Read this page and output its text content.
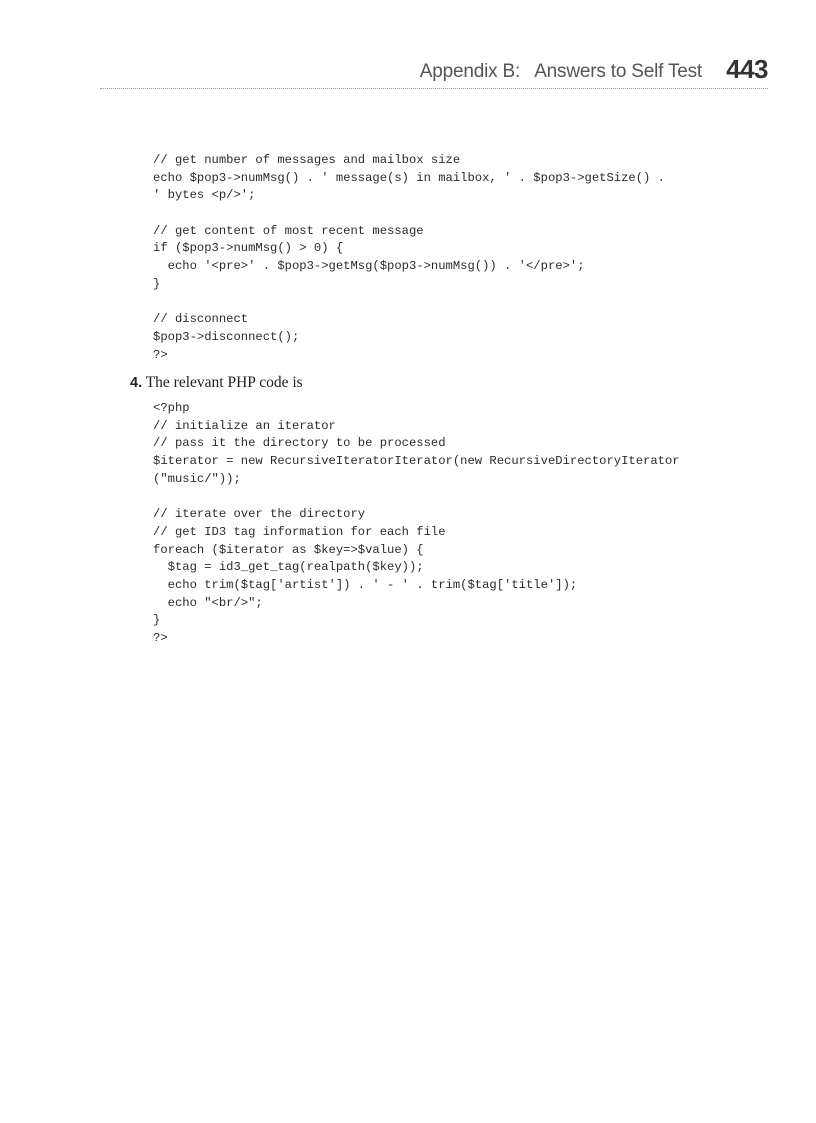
Appendix B:   Answers to Self Test 443
// get number of messages and mailbox size
echo $pop3->numMsg() . ' message(s) in mailbox, ' . $pop3->getSize() .
' bytes <p/>';
// get content of most recent message
if ($pop3->numMsg() > 0) {
echo '<pre>' . $pop3->getMsg($pop3->numMsg()) . '</pre>';
}
// disconnect
$pop3->disconnect();
?>
4. The relevant PHP code is
<?php
// initialize an iterator
// pass it the directory to be processed
$iterator = new RecursiveIteratorIterator(new RecursiveDirectoryIterator
("music/"));
// iterate over the directory
// get ID3 tag information for each file
foreach ($iterator as $key=>$value) {
$tag = id3_get_tag(realpath($key));
echo trim($tag['artist']) . ' - ' . trim($tag['title']);
echo "<br/>";
}
?>
